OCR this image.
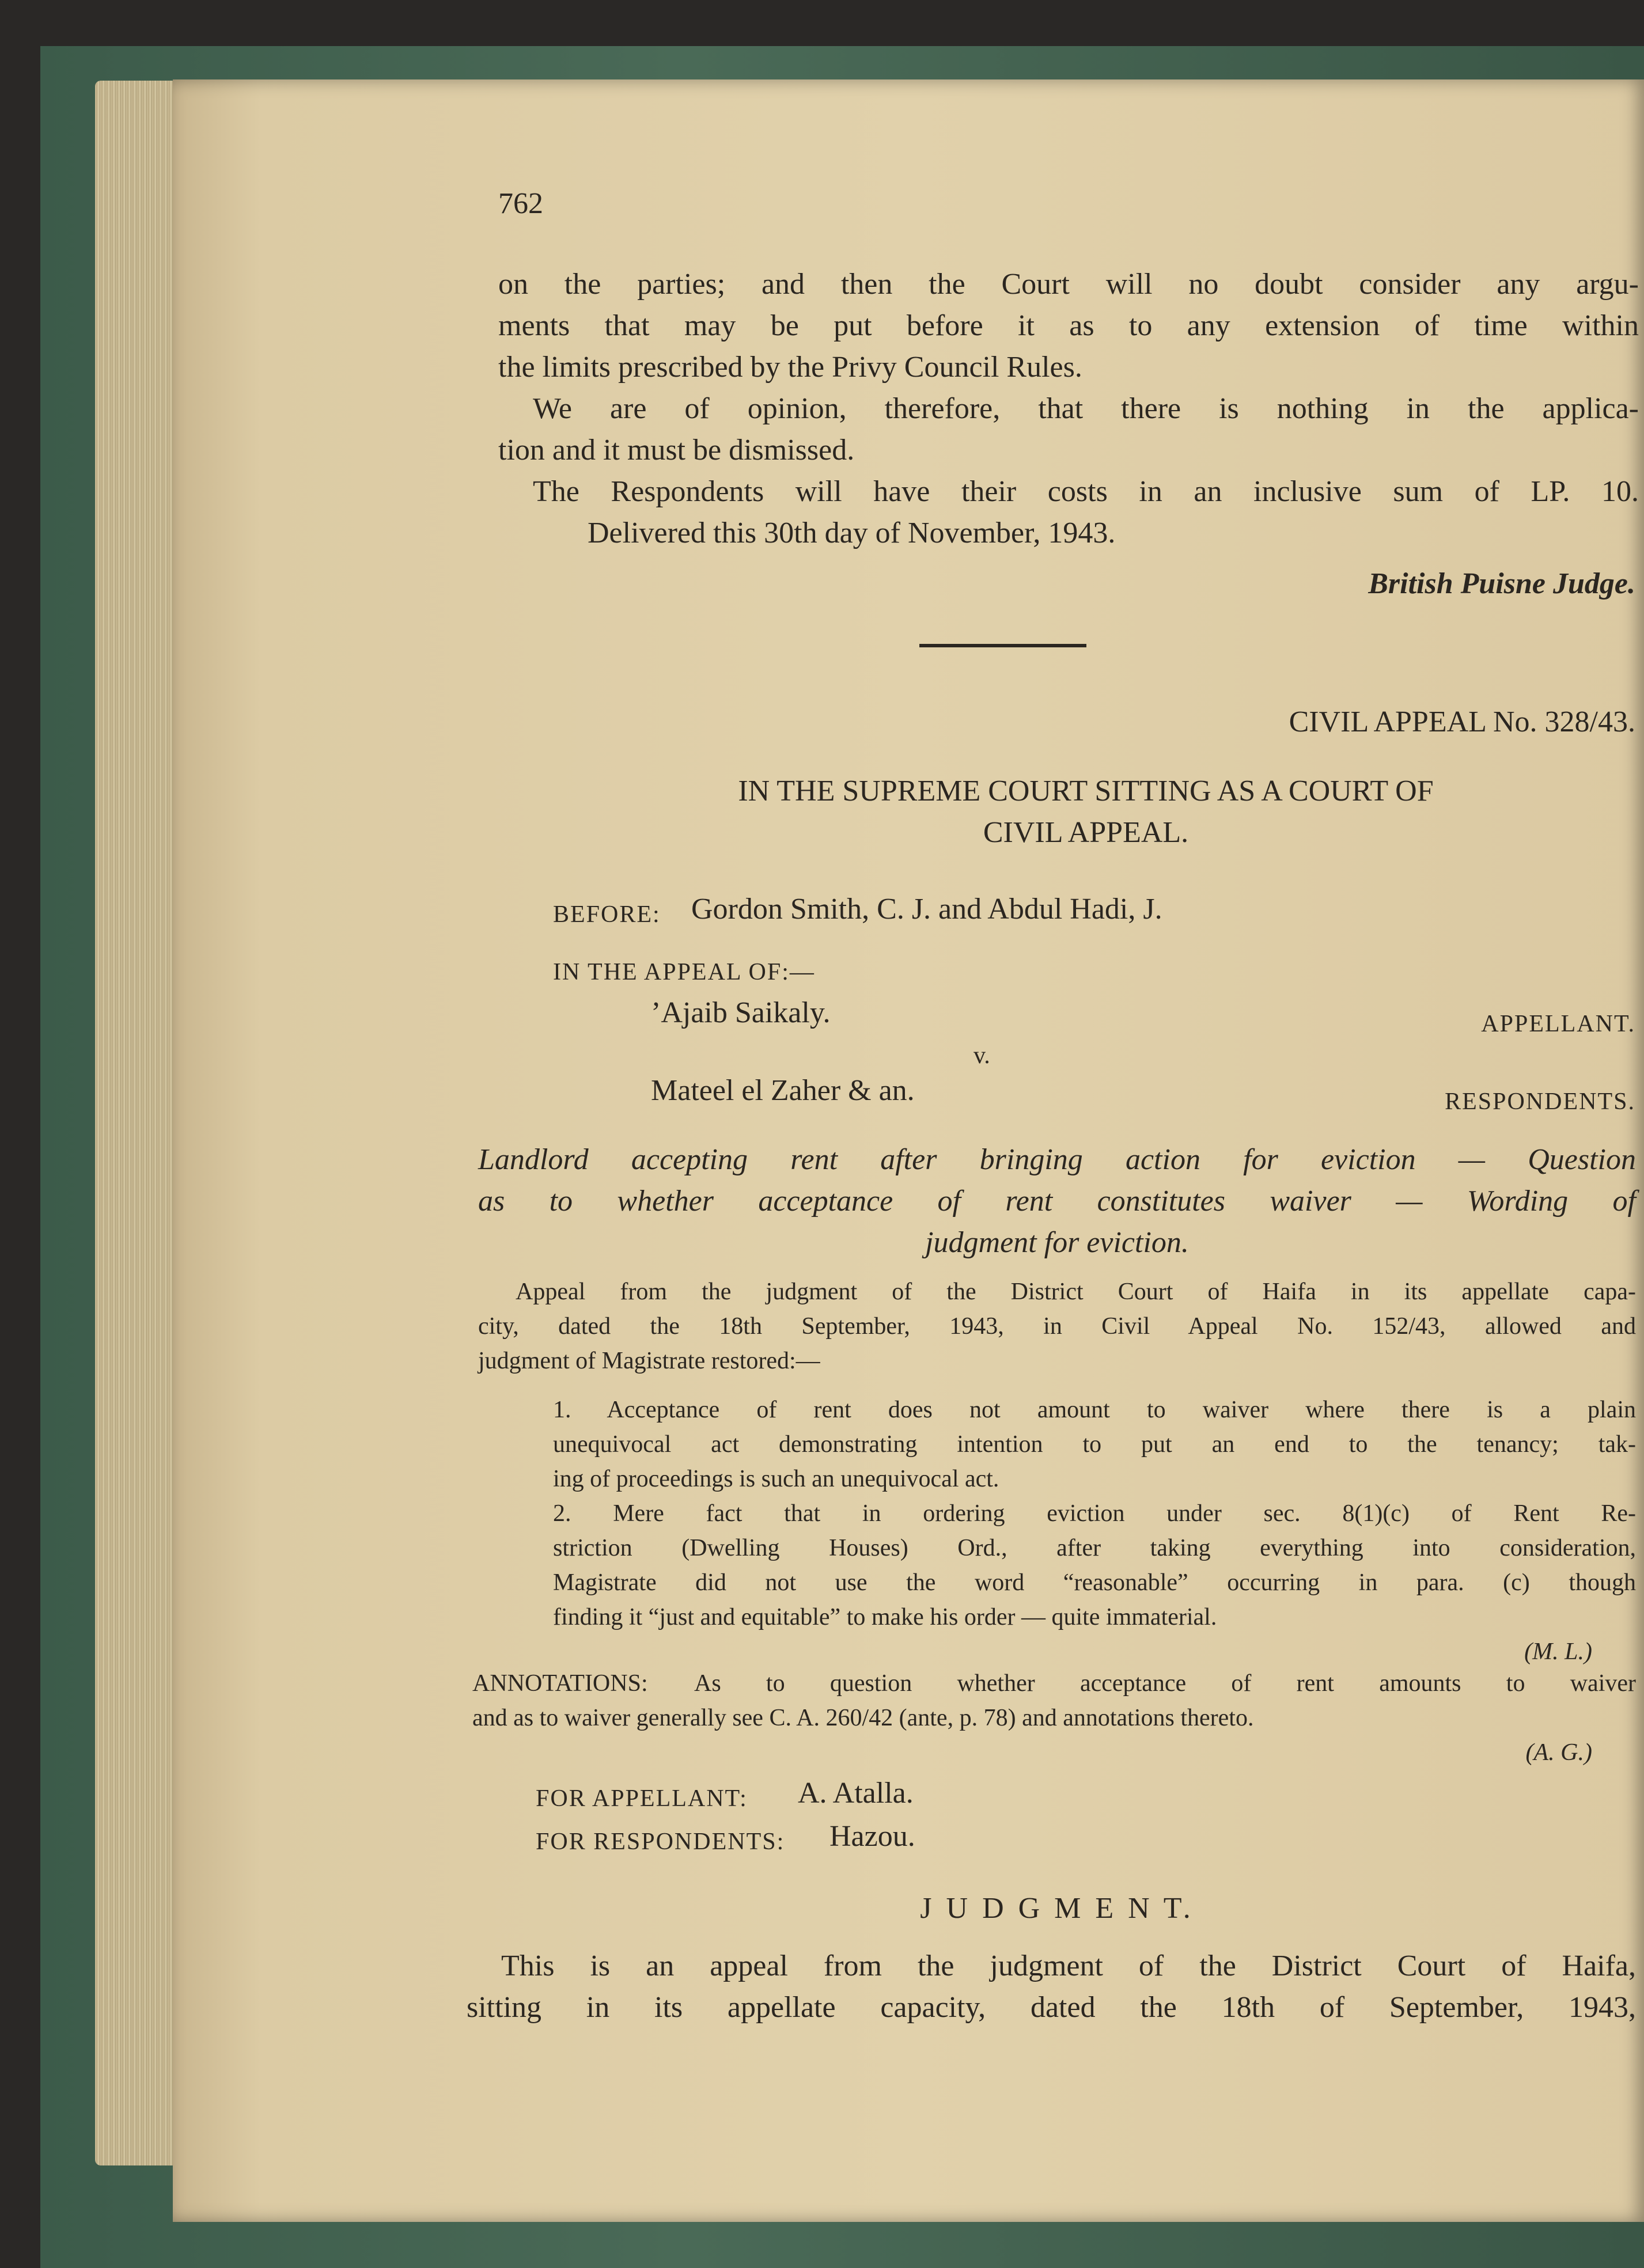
762
on the parties; and then the Court will no doubt consider any argu-
ments that may be put before it as to any extension of time within
the limits prescribed by the Privy Council Rules.
We are of opinion, therefore, that there is nothing in the applica-
tion and it must be dismissed.
The Respondents will have their costs in an inclusive sum of LP. 10.
Delivered this 30th day of November, 1943.
British Puisne Judge.
CIVIL APPEAL No. 328/43.
IN THE SUPREME COURT SITTING AS A COURT OF
CIVIL APPEAL.
BEFORE: Gordon Smith, C. J. and Abdul Hadi, J.
IN THE APPEAL OF:—
’Ajaib Saikaly.	APPELLANT.
v.
Mateel el Zaher & an.	RESPONDENTS.
Landlord accepting rent after bringing action for eviction — Question
as to whether acceptance of rent constitutes waiver — Wording of
judgment for eviction.
Appeal from the judgment of the District Court of Haifa in its appellate capa-
city, dated the 18th September, 1943, in Civil Appeal No. 152/43, allowed and
judgment of Magistrate restored:—
1. Acceptance of rent does not amount to waiver where there is a plain
unequivocal act demonstrating intention to put an end to the tenancy; tak-
ing of proceedings is such an unequivocal act.
2. Mere fact that in ordering eviction under sec. 8(1)(c) of Rent Re-
striction (Dwelling Houses) Ord., after taking everything into consideration,
Magistrate did not use the word “reasonable” occurring in para. (c) though
finding it “just and equitable” to make his order — quite immaterial.
(M. L.)
ANNOTATIONS: As to question whether acceptance of rent amounts to waiver
and as to waiver generally see C. A. 260/42 (ante, p. 78) and annotations thereto.
(A. G.)
FOR APPELLANT: A. Atalla.
FOR RESPONDENTS: Hazou.
J U D G M E N T.
This is an appeal from the judgment of the District Court of Haifa,
sitting in its appellate capacity, dated the 18th of September, 1943,
